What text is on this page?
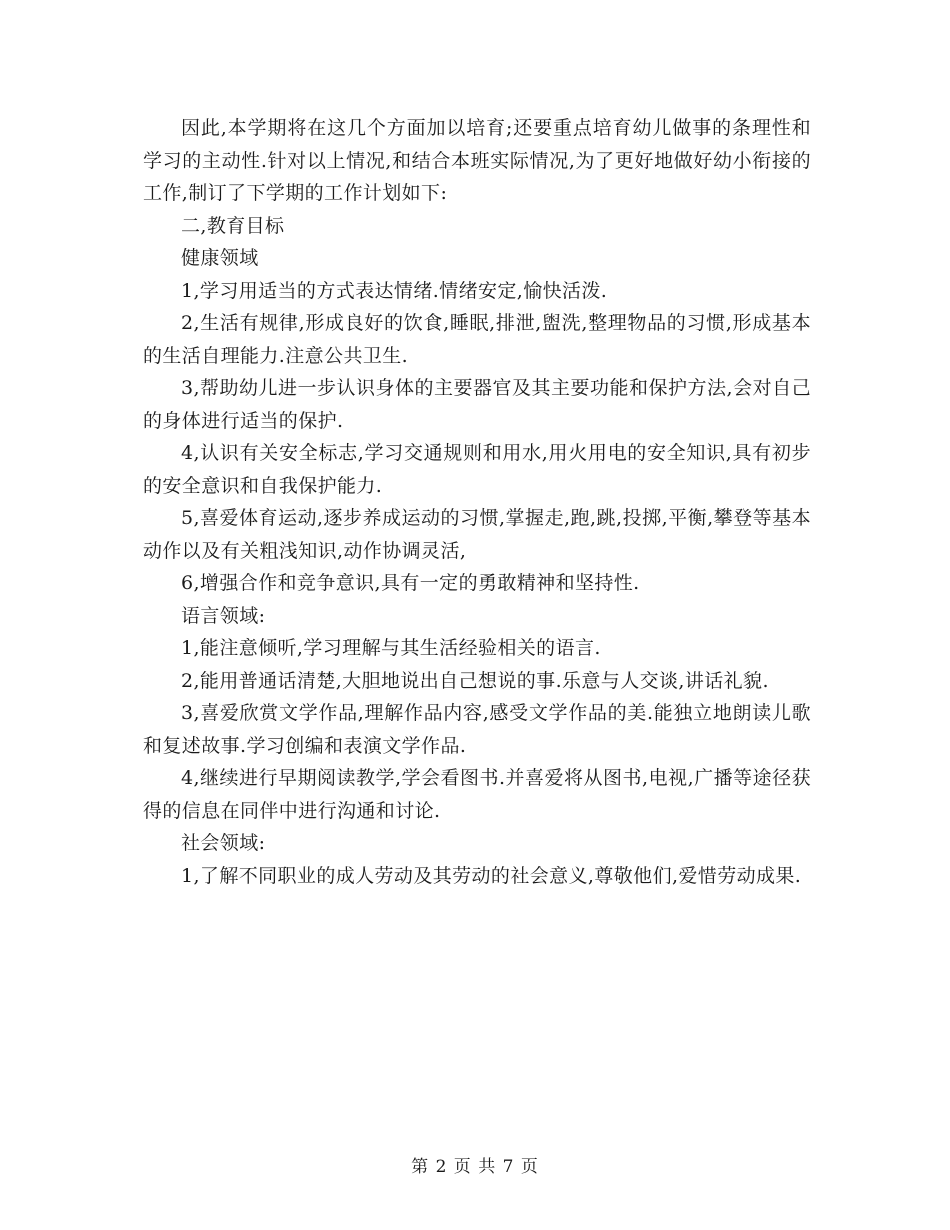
因此,本学期将在这几个方面加以培育;还要重点培育幼儿做事的条理性和学习的主动性.针对以上情况,和结合本班实际情况,为了更好地做好幼小衔接的工作,制订了下学期的工作计划如下:

二,教育目标

健康领域

1,学习用适当的方式表达情绪.情绪安定,愉快活泼.

2,生活有规律,形成良好的饮食,睡眠,排泄,盥洗,整理物品的习惯,形成基本的生活自理能力.注意公共卫生.

3,帮助幼儿进一步认识身体的主要器官及其主要功能和保护方法,会对自己的身体进行适当的保护.

4,认识有关安全标志,学习交通规则和用水,用火用电的安全知识,具有初步的安全意识和自我保护能力.

5,喜爱体育运动,逐步养成运动的习惯,掌握走,跑,跳,投掷,平衡,攀登等基本动作以及有关粗浅知识,动作协调灵活,

6,增强合作和竞争意识,具有一定的勇敢精神和坚持性.

语言领域:

1,能注意倾听,学习理解与其生活经验相关的语言.

2,能用普通话清楚,大胆地说出自己想说的事.乐意与人交谈,讲话礼貌.

3,喜爱欣赏文学作品,理解作品内容,感受文学作品的美.能独立地朗读儿歌和复述故事.学习创编和表演文学作品.

4,继续进行早期阅读教学,学会看图书.并喜爱将从图书,电视,广播等途径获得的信息在同伴中进行沟通和讨论.

社会领域:

1,了解不同职业的成人劳动及其劳动的社会意义,尊敬他们,爱惜劳动成果.

第 2 页 共 7 页
